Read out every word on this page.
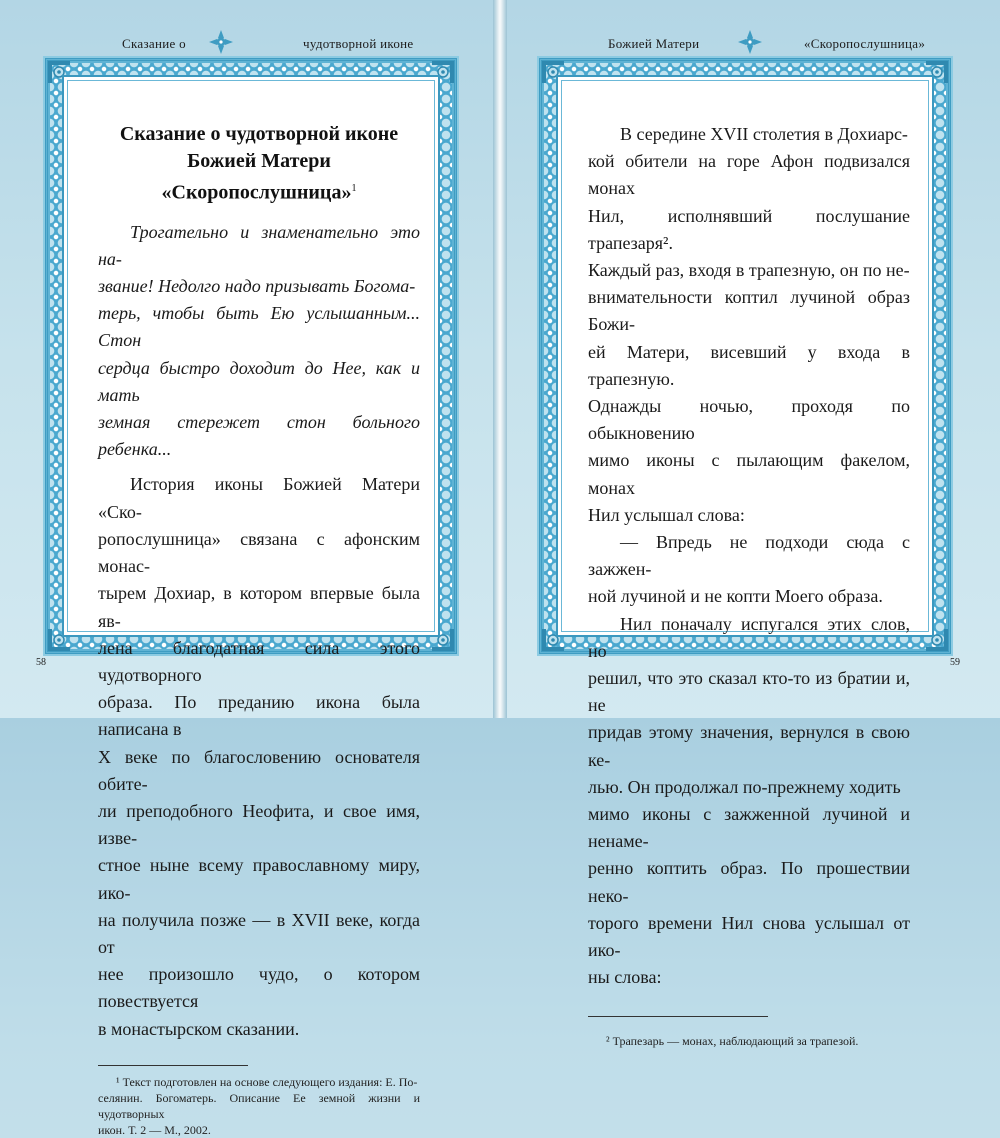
Сказание о	чудотворной иконе
Сказание о чудотворной иконе
Божией Матери «Скоропослушница»$^1$
Трогательно и знаменательно это на-
звание! Недолго надо призывать Богома-
терь, чтобы быть Ею услышанным... Стон
сердца быстро доходит до Нее, как и мать
земная стережет стон больного ребенка...
История иконы Божией Матери «Ско-
ропослушница» связана с афонским монас-
тырем Дохиар, в котором впервые была яв-
лена благодатная сила этого чудотворного
образа. По преданию икона была написана в
X веке по благословению основателя обите-
ли преподобного Неофита, и свое имя, изве-
стное ныне всему православному миру, ико-
на получила позже — в XVII веке, когда от
нее произошло чудо, о котором повествуется
в монастырском сказании.
¹ Текст подготовлен на основе следующего издания: Е. По-
селянин. Богоматерь. Описание Ее земной жизни и чудотворных
икон. Т. 2 — М., 2002.
58
Божией Матери	«Скоропослушница»
В середине XVII столетия в Дохиарс-
кой обители на горе Афон подвизался монах
Нил, исполнявший послушание трапезаря².
Каждый раз, входя в трапезную, он по не-
внимательности коптил лучиной образ Божи-
ей Матери, висевший у входа в трапезную.
Однажды ночью, проходя по обыкновению
мимо иконы с пылающим факелом, монах
Нил услышал слова:
— Впредь не подходи сюда с зажжен-
ной лучиной и не копти Моего образа.
Нил поначалу испугался этих слов, но
решил, что это сказал кто-то из братии и, не
придав этому значения, вернулся в свою ке-
лью. Он продолжал по-прежнему ходить
мимо иконы с зажженной лучиной и ненаме-
ренно коптить образ. По прошествии неко-
торого времени Нил снова услышал от ико-
ны слова:
² Трапезарь — монах, наблюдающий за трапезой.
59
